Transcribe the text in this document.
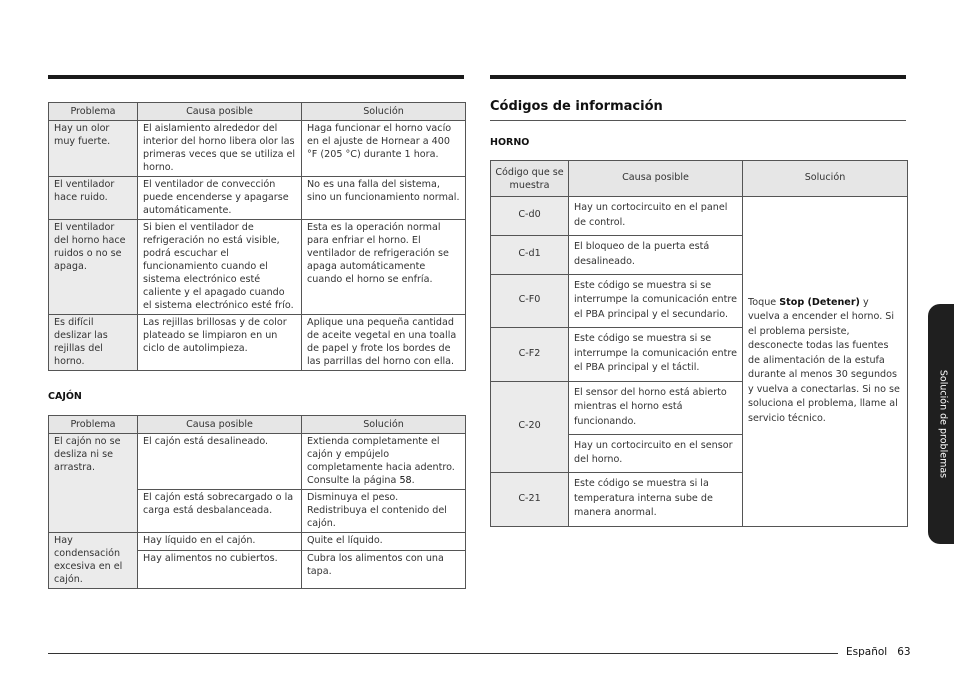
Problema	Causa posible	Solución
Hay un olor muy fuerte.	El aislamiento alrededor del interior del horno libera olor las primeras veces que se utiliza el horno.	Haga funcionar el horno vacío en el ajuste de Hornear a 400 °F (205 °C) durante 1 hora.
El ventilador hace ruido.	El ventilador de convección puede encenderse y apagarse automáticamente.	No es una falla del sistema, sino un funcionamiento normal.
El ventilador del horno hace ruidos o no se apaga.	Si bien el ventilador de refrigeración no está visible, podrá escuchar el funcionamiento cuando el sistema electrónico esté caliente y el apagado cuando el sistema electrónico esté frío.	Esta es la operación normal para enfriar el horno. El ventilador de refrigeración se apaga automáticamente cuando el horno se enfría.
Es difícil deslizar las rejillas del horno.	Las rejillas brillosas y de color plateado se limpiaron en un ciclo de autolimpieza.	Aplique una pequeña cantidad de aceite vegetal en una toalla de papel y frote los bordes de las parrillas del horno con ella.
CAJÓN
Problema	Causa posible	Solución
El cajón no se desliza ni se arrastra.	El cajón está desalineado.	Extienda completamente el cajón y empújelo completamente hacia adentro. Consulte la página 58.
	El cajón está sobrecargado o la carga está desbalanceada.	Disminuya el peso. Redistribuya el contenido del cajón.
Hay condensación excesiva en el cajón.	Hay líquido en el cajón.	Quite el líquido.
	Hay alimentos no cubiertos.	Cubra los alimentos con una tapa.
Códigos de información
HORNO
Código que se muestra	Causa posible	Solución
C-d0	Hay un cortocircuito en el panel de control.	Toque Stop (Detener) y vuelva a encender el horno. Si el problema persiste, desconecte todas las fuentes de alimentación de la estufa durante al menos 30 segundos y vuelva a conectarlas. Si no se soluciona el problema, llame al servicio técnico.
C-d1	El bloqueo de la puerta está desalineado.	
C-F0	Este código se muestra si se interrumpe la comunicación entre el PBA principal y el secundario.	
C-F2	Este código se muestra si se interrumpe la comunicación entre el PBA principal y el táctil.	
C-20	El sensor del horno está abierto mientras el horno está funcionando.	
	Hay un cortocircuito en el sensor del horno.	
C-21	Este código se muestra si la temperatura interna sube de manera anormal.	
Solución de problemas
Español 63
